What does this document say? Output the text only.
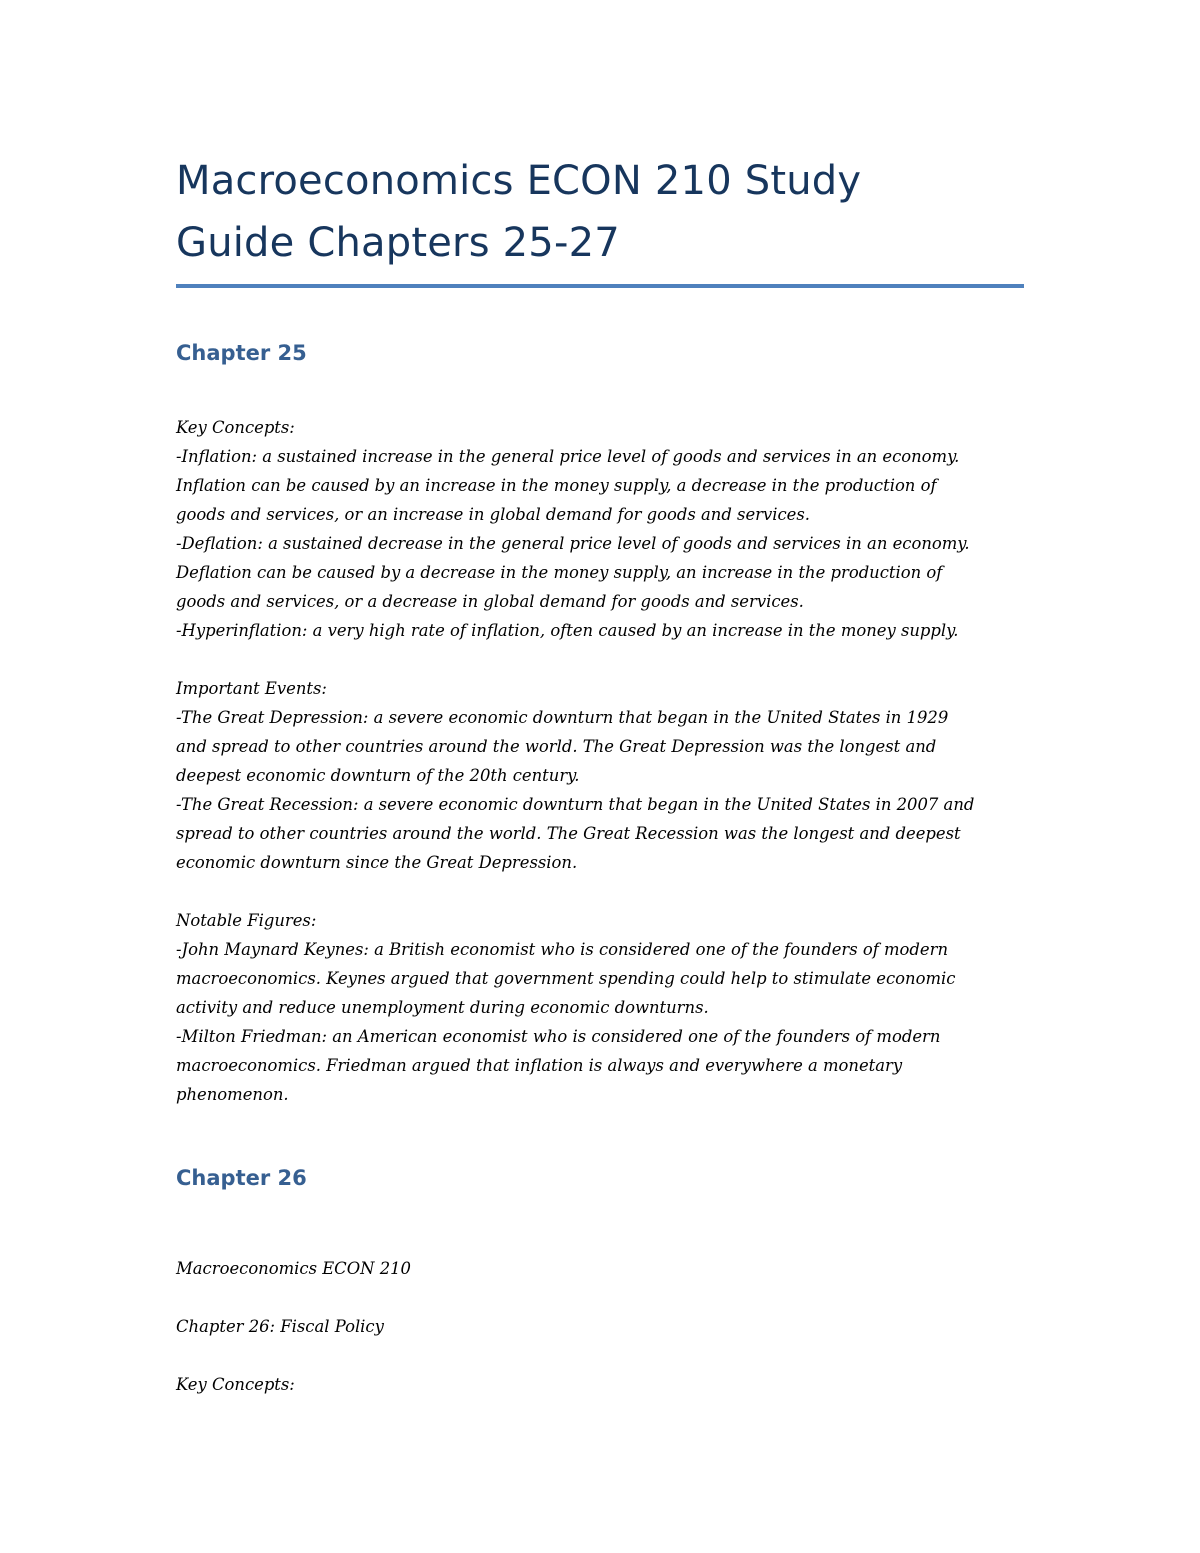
Macroeconomics ECON 210 Study
Guide Chapters 25-27
Chapter 25
Key Concepts:
-Inflation: a sustained increase in the general price level of goods and services in an economy.
Inflation can be caused by an increase in the money supply, a decrease in the production of
goods and services, or an increase in global demand for goods and services.
-Deflation: a sustained decrease in the general price level of goods and services in an economy.
Deflation can be caused by a decrease in the money supply, an increase in the production of
goods and services, or a decrease in global demand for goods and services.
-Hyperinflation: a very high rate of inflation, often caused by an increase in the money supply.
Important Events:
-The Great Depression: a severe economic downturn that began in the United States in 1929
and spread to other countries around the world. The Great Depression was the longest and
deepest economic downturn of the 20th century.
-The Great Recession: a severe economic downturn that began in the United States in 2007 and
spread to other countries around the world. The Great Recession was the longest and deepest
economic downturn since the Great Depression.
Notable Figures:
-John Maynard Keynes: a British economist who is considered one of the founders of modern
macroeconomics. Keynes argued that government spending could help to stimulate economic
activity and reduce unemployment during economic downturns.
-Milton Friedman: an American economist who is considered one of the founders of modern
macroeconomics. Friedman argued that inflation is always and everywhere a monetary
phenomenon.
Chapter 26
Macroeconomics ECON 210
Chapter 26: Fiscal Policy
Key Concepts:
